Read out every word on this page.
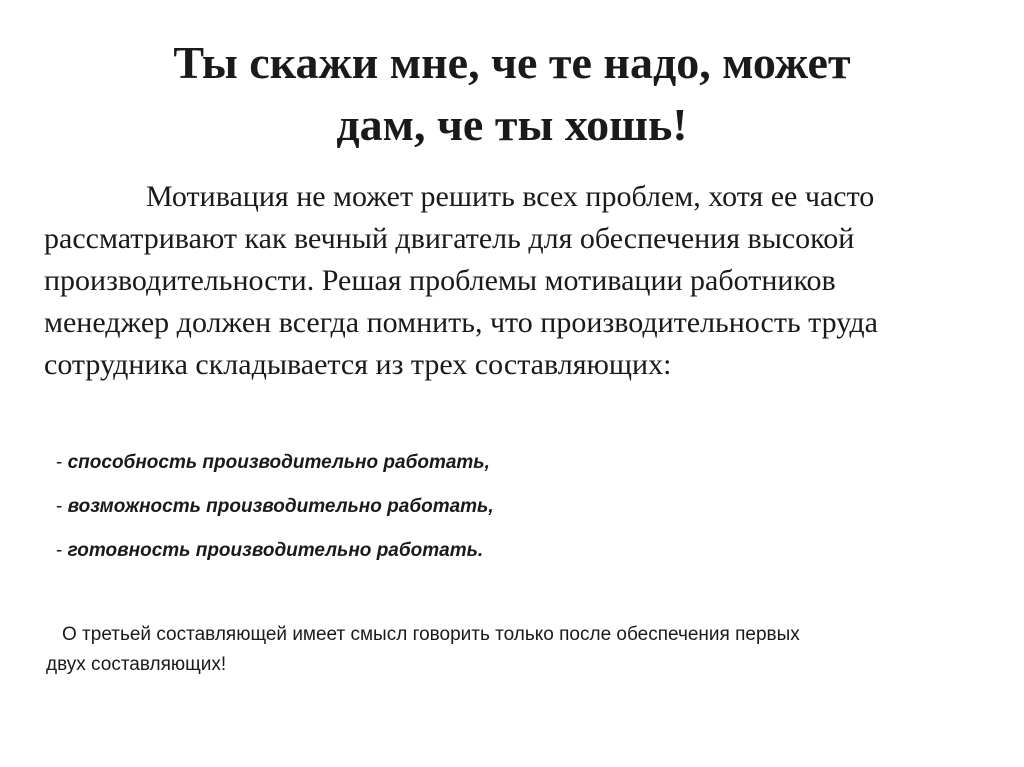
Ты скажи мне, че те надо, может
дам, че ты хошь!

Мотивация не может решить всех проблем, хотя ее часто
рассматривают как вечный двигатель для обеспечения высокой
производительности. Решая проблемы мотивации работников
менеджер должен всегда помнить, что производительность труда
сотрудника складывается из трех составляющих:

- способность производительно работать,
- возможность производительно работать,
- готовность производительно работать.

О третьей составляющей имеет смысл говорить только после обеспечения первых
двух составляющих!
